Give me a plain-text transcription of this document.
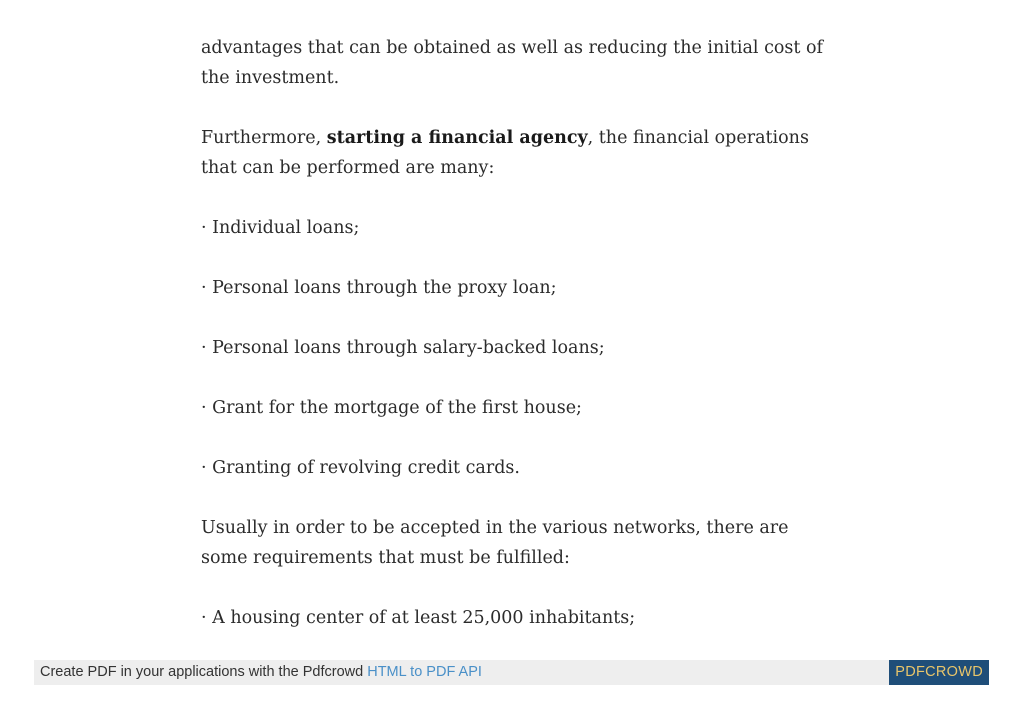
advantages that can be obtained as well as reducing the initial cost of the investment.

Furthermore, starting a financial agency, the financial operations that can be performed are many:

· Individual loans;

· Personal loans through the proxy loan;

· Personal loans through salary-backed loans;

· Grant for the mortgage of the first house;

· Granting of revolving credit cards.

Usually in order to be accepted in the various networks, there are some requirements that must be fulfilled:

· A housing center of at least 25,000 inhabitants;

Create PDF in your applications with the Pdfcrowd HTML to PDF API	PDFCROWD
